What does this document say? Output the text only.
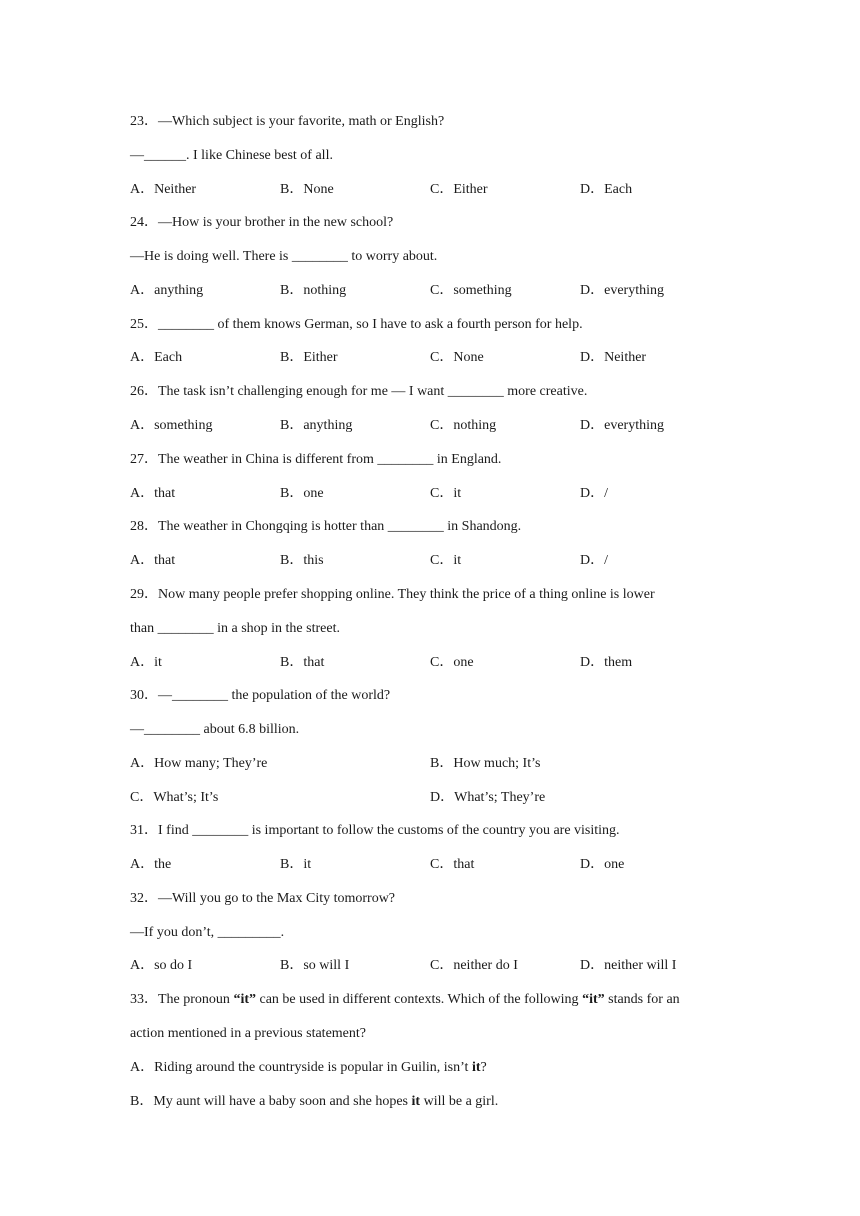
23．—Which subject is your favorite, math or English?
—______. I like Chinese best of all.
A．Neither	B．None	C．Either	D．Each
24．—How is your brother in the new school?
—He is doing well. There is ________ to worry about.
A．anything	B．nothing	C．something	D．everything
25．________ of them knows German, so I have to ask a fourth person for help.
A．Each	B．Either	C．None	D．Neither
26．The task isn’t challenging enough for me — I want ________ more creative.
A．something	B．anything	C．nothing	D．everything
27．The weather in China is different from ________ in England.
A．that	B．one	C．it	D．/
28．The weather in Chongqing is hotter than ________ in Shandong.
A．that	B．this	C．it	D．/
29．Now many people prefer shopping online. They think the price of a thing online is lower
than ________ in a shop in the street.
A．it	B．that	C．one	D．them
30．—________ the population of the world?
—________ about 6.8 billion.
A．How many; They’re	B．How much; It’s
C．What’s; It’s	D．What’s; They’re
31．I find ________ is important to follow the customs of the country you are visiting.
A．the	B．it	C．that	D．one
32．—Will you go to the Max City tomorrow?
—If you don’t, _________.
A．so do I	B．so will I	C．neither do I	D．neither will I
33．The pronoun “it” can be used in different contexts. Which of the following “it” stands for an
action mentioned in a previous statement?
A．Riding around the countryside is popular in Guilin, isn’t it?
B．My aunt will have a baby soon and she hopes it will be a girl.
